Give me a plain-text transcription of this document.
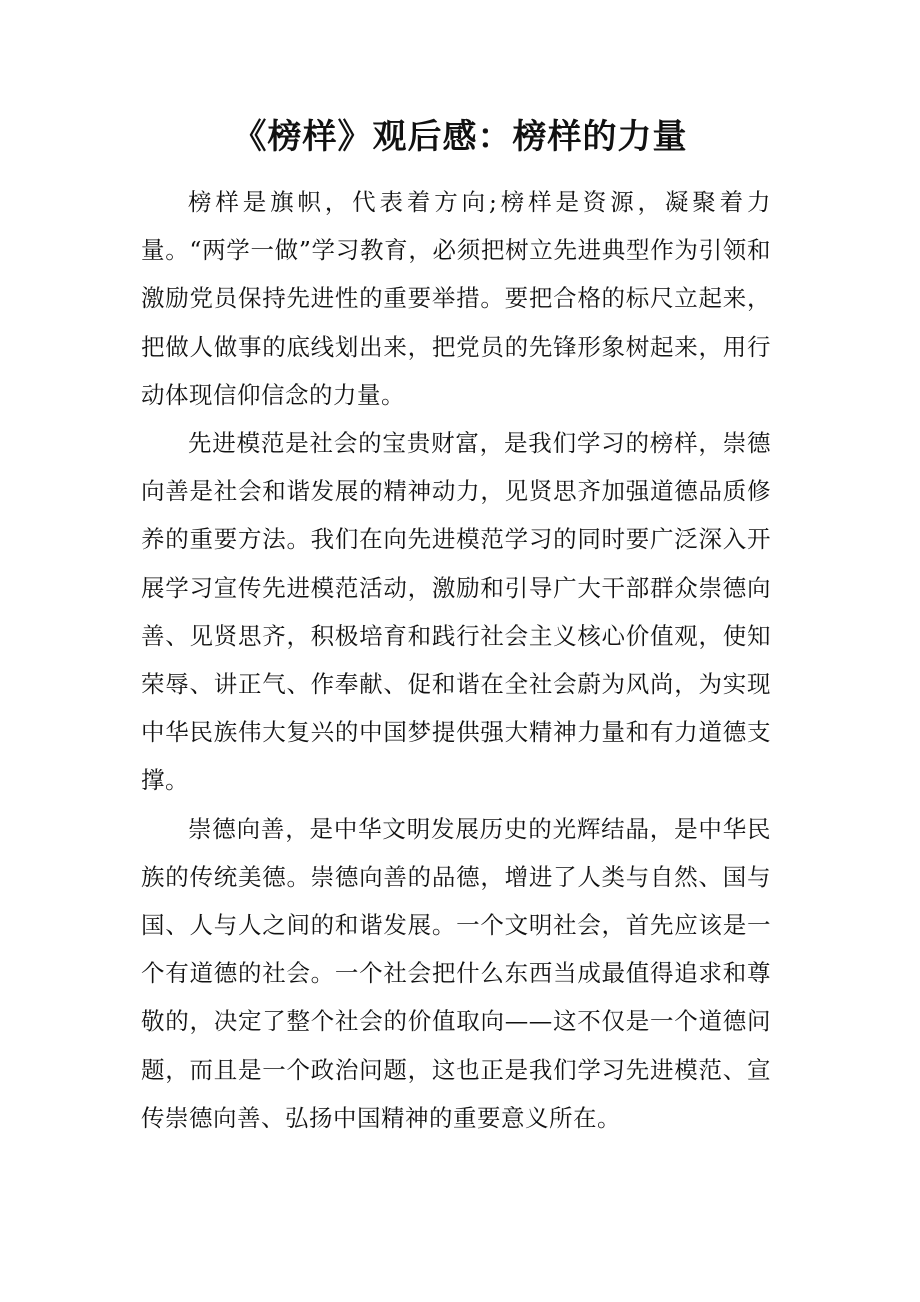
《榜样》观后感：榜样的力量

榜样是旗帜，代表着方向;榜样是资源，凝聚着力量。“两学一做”学习教育，必须把树立先进典型作为引领和激励党员保持先进性的重要举措。要把合格的标尺立起来，把做人做事的底线划出来，把党员的先锋形象树起来，用行动体现信仰信念的力量。

先进模范是社会的宝贵财富，是我们学习的榜样，崇德向善是社会和谐发展的精神动力，见贤思齐加强道德品质修养的重要方法。我们在向先进模范学习的同时要广泛深入开展学习宣传先进模范活动，激励和引导广大干部群众崇德向善、见贤思齐，积极培育和践行社会主义核心价值观，使知荣辱、讲正气、作奉献、促和谐在全社会蔚为风尚，为实现中华民族伟大复兴的中国梦提供强大精神力量和有力道德支撑。

崇德向善，是中华文明发展历史的光辉结晶，是中华民族的传统美德。崇德向善的品德，增进了人类与自然、国与国、人与人之间的和谐发展。一个文明社会，首先应该是一个有道德的社会。一个社会把什么东西当成最值得追求和尊敬的，决定了整个社会的价值取向——这不仅是一个道德问题，而且是一个政治问题，这也正是我们学习先进模范、宣传崇德向善、弘扬中国精神的重要意义所在。
